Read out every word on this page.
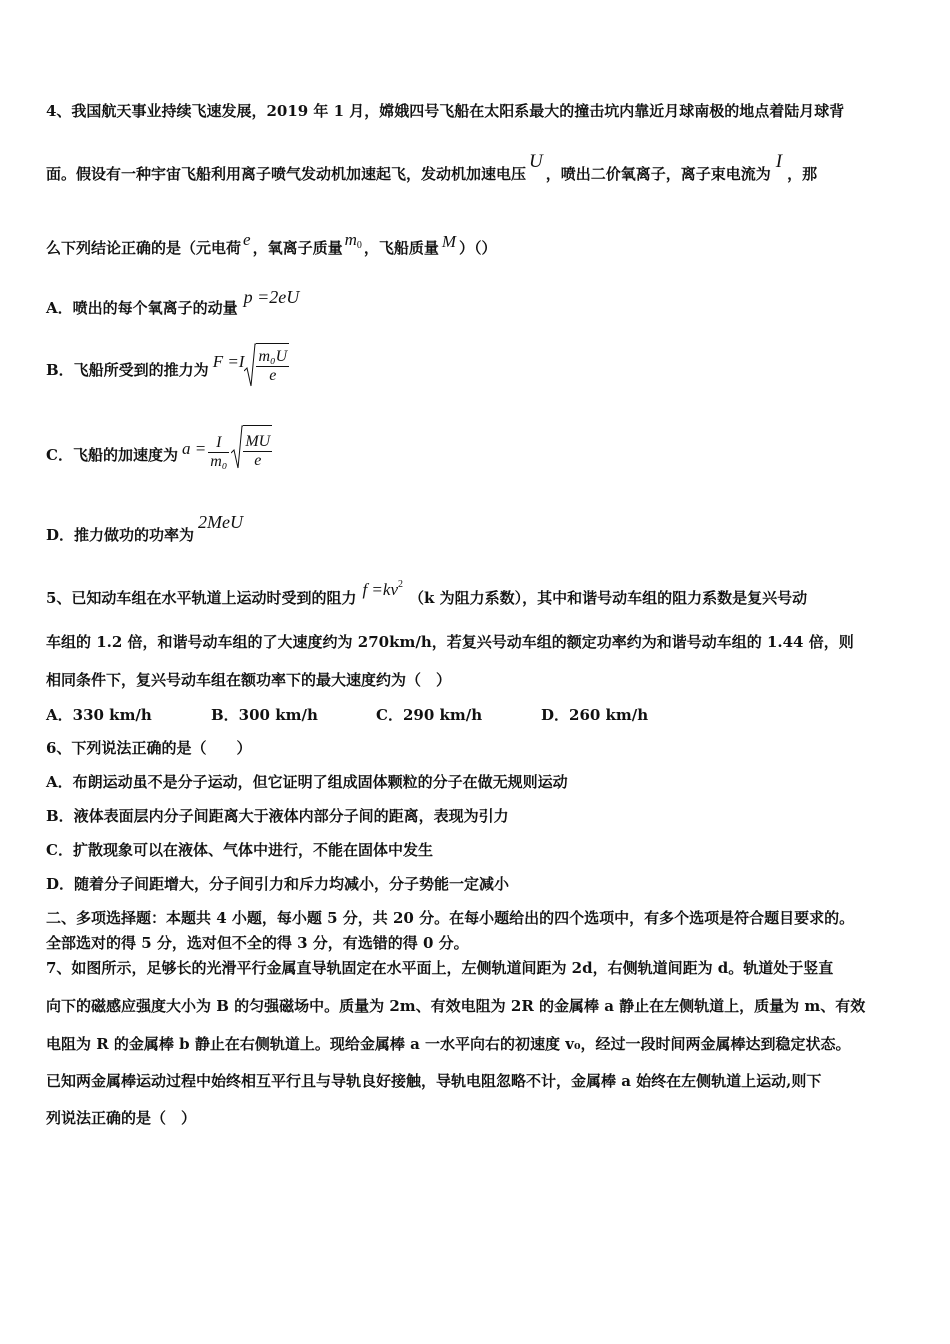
4、我国航天事业持续飞速发展，2019 年 1 月，嫦娥四号飞船在太阳系最大的撞击坑内靠近月球南极的地点着陆月球背
面。假设有一种宇宙飞船利用离子喷气发动机加速起飞，发动机加速电压U，喷出二价氧离子，离子束电流为I，那
么下列结论正确的是（元电荷 e ，氧离子质量 $m_0$ ，飞船质量 M ）（）
A．喷出的每个氧离子的动量p =2eU
B．飞船所受到的推力为 $F =I \frac{\text{m₀U}}{e}$
C．飞船的加速度为 $a = \frac{I}{\text{m₀}} \frac{MU}{e}$
D．推力做功的功率为2MeU
5、已知动车组在水平轨道上运动时受到的阻力 $f =kv^2(k$ 为阻力系数），其中和谐号动车组的阻力系数是复兴号动
车组的 1.2 倍，和谐号动车组的了大速度约为 270km/h，若复兴号动车组的额定功率约为和谐号动车组的 1.44 倍，则
相同条件下，复兴号动车组在额功率下的最大速度约为（　）
A．330 km/h	B．300 km/h	C．290 km/h	D．260 km/h
6、下列说法正确的是（　　）
A．布朗运动虽不是分子运动，但它证明了组成固体颗粒的分子在做无规则运动
B．液体表面层内分子间距离大于液体内部分子间的距离，表现为引力
C．扩散现象可以在液体、气体中进行，不能在固体中发生
D．随着分子间距增大，分子间引力和斥力均减小，分子势能一定减小
二、多项选择题：本题共 4 小题，每小题 5 分，共 20 分。在每小题给出的四个选项中，有多个选项是符合题目要求的。
全部选对的得 5 分，选对但不全的得 3 分，有选错的得 0 分。
7、如图所示，足够长的光滑平行金属直导轨固定在水平面上，左侧轨道间距为 2d，右侧轨道间距为 d。轨道处于竖直
向下的磁感应强度大小为 B 的匀强磁场中。质量为 2m、有效电阻为 2R 的金属棒 a 静止在左侧轨道上，质量为 m、有效
电阻为 R 的金属棒 b 静止在右侧轨道上。现给金属棒 a 一水平向右的初速度 v₀，经过一段时间两金属棒达到稳定状态。
已知两金属棒运动过程中始终相互平行且与导轨良好接触，导轨电阻忽略不计，金属棒 a 始终在左侧轨道上运动,则下
列说法正确的是（　）
